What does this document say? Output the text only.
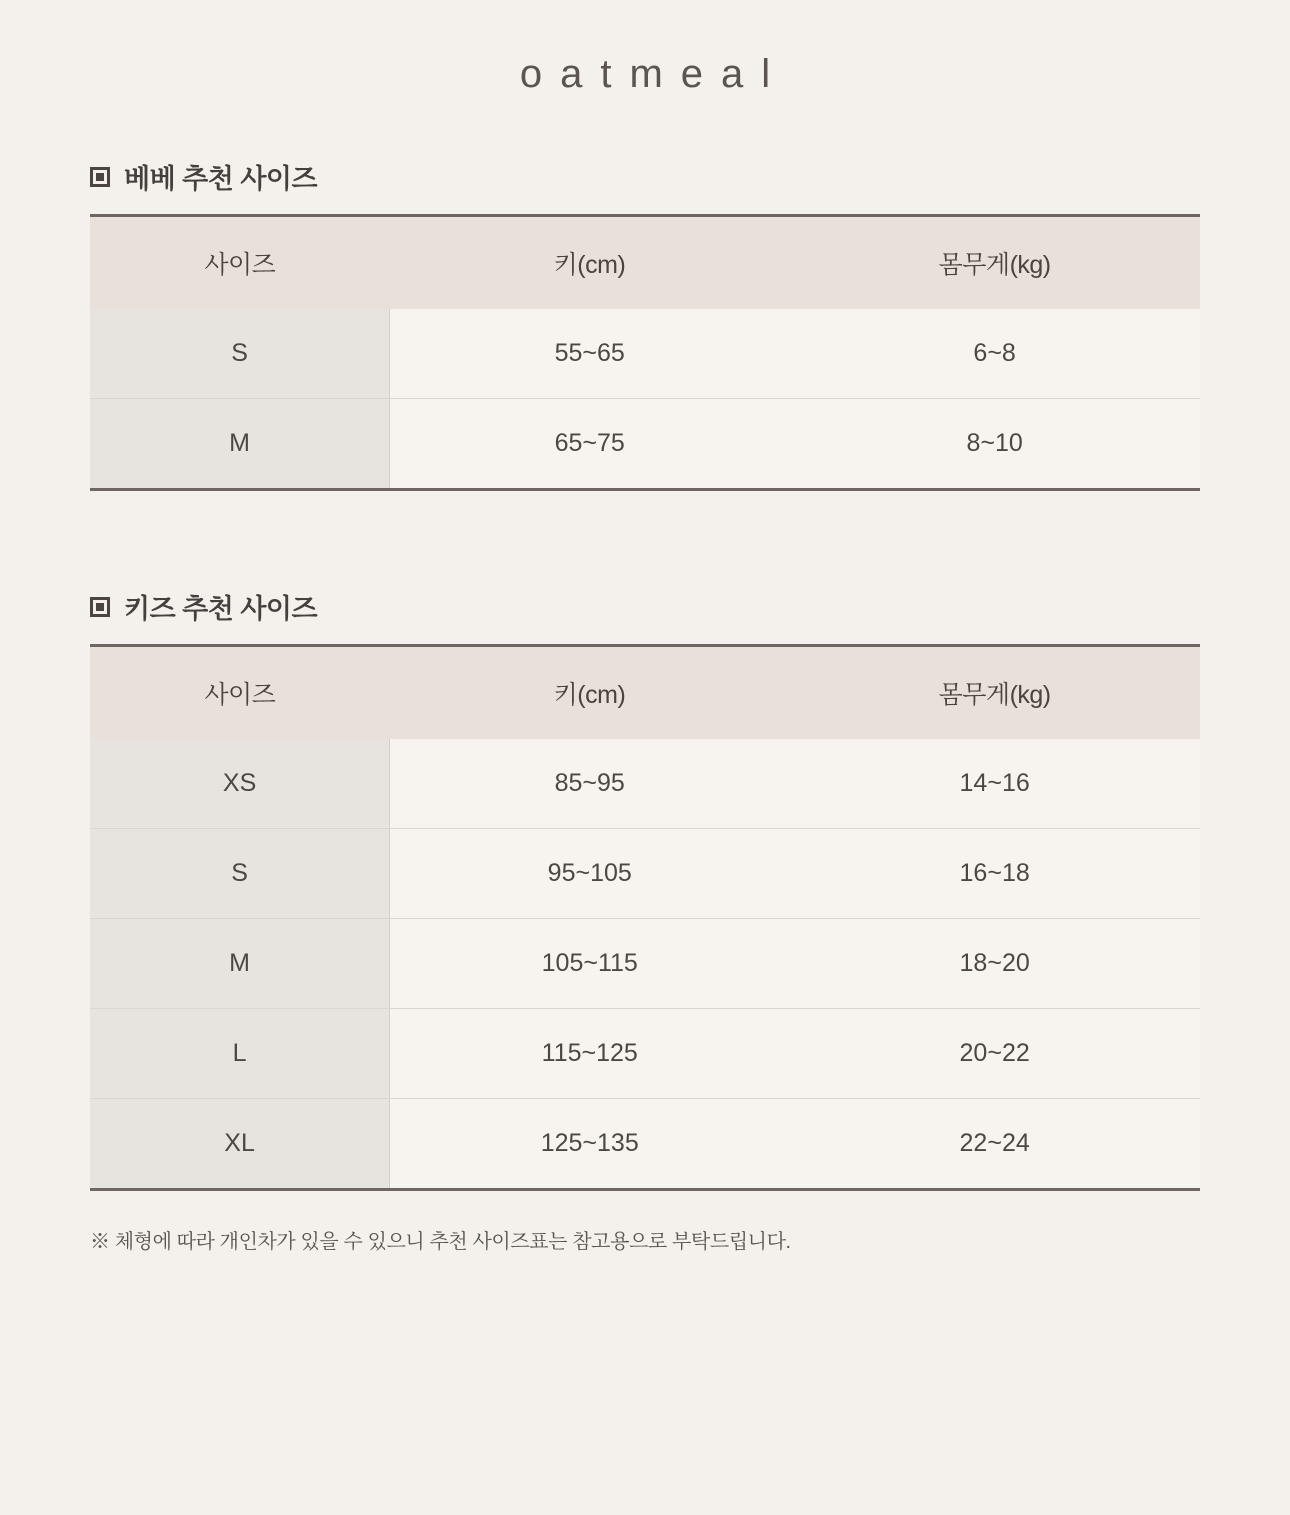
oatmeal
베베 추천 사이즈
사이즈	키(cm)	몸무게(kg)
S	55~65	6~8
M	65~75	8~10
키즈 추천 사이즈
사이즈	키(cm)	몸무게(kg)
XS	85~95	14~16
S	95~105	16~18
M	105~115	18~20
L	115~125	20~22
XL	125~135	22~24
※ 체형에 따라 개인차가 있을 수 있으니 추천 사이즈표는 참고용으로 부탁드립니다.
